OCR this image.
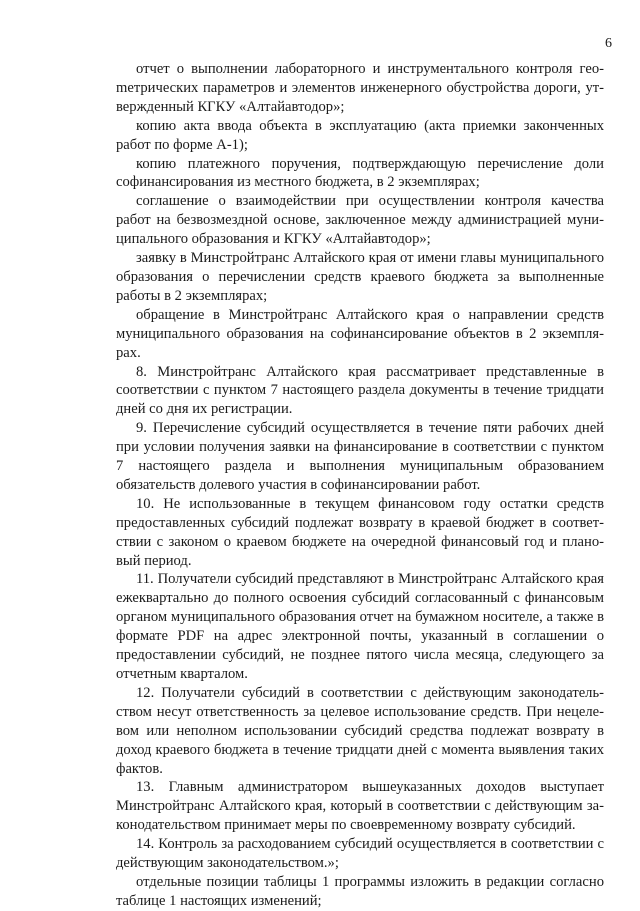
6

отчет о выполнении лабораторного и инструментального контроля геоmетрических параметров и элементов инженерного обустройства дороги, утвержденный КГКУ «Алтайавтодор»;

копию акта ввода объекта в эксплуатацию (акта приемки законченных работ по форме А-1);

копию платежного поручения, подтверждающую перечисление доли софинансирования из местного бюджета, в 2 экземплярах;

соглашение о взаимодействии при осуществлении контроля качества работ на безвозмездной основе, заключенное между администрацией муниципального образования и КГКУ «Алтайавтодор»;

заявку в Минстройтранс Алтайского края от имени главы муниципального образования о перечислении средств краевого бюджета за выполненные работы в 2 экземплярах;

обращение в Минстройтранс Алтайского края о направлении средств муниципального образования на софинансирование объектов в 2 экземплярах.

8. Минстройтранс Алтайского края рассматривает представленные в соответствии с пунктом 7 настоящего раздела документы в течение тридцати дней со дня их регистрации.

9. Перечисление субсидий осуществляется в течение пяти рабочих дней при условии получения заявки на финансирование в соответствии с пунктом 7 настоящего раздела и выполнения муниципальным образованием обязательств долевого участия в софинансировании работ.

10. Не использованные в текущем финансовом году остатки средств предоставленных субсидий подлежат возврату в краевой бюджет в соответствии с законом о краевом бюджете на очередной финансовый год и плановый период.

11. Получатели субсидий представляют в Минстройтранс Алтайского края ежеквартально до полного освоения субсидий согласованный с финансовым органом муниципального образования отчет на бумажном носителе, а также в формате PDF на адрес электронной почты, указанный в соглашении о предоставлении субсидий, не позднее пятого числа месяца, следующего за отчетным кварталом.

12. Получатели субсидий в соответствии с действующим законодательством несут ответственность за целевое использование средств. При нецелевом или неполном использовании субсидий средства подлежат возврату в доход краевого бюджета в течение тридцати дней с момента выявления таких фактов.

13. Главным администратором вышеуказанных доходов выступает Минстройтранс Алтайского края, который в соответствии с действующим законодательством принимает меры по своевременному возврату субсидий.

14. Контроль за расходованием субсидий осуществляется в соответствии с действующим законодательством.»;

отдельные позиции таблицы 1 программы изложить в редакции согласно таблице 1 настоящих изменений;
